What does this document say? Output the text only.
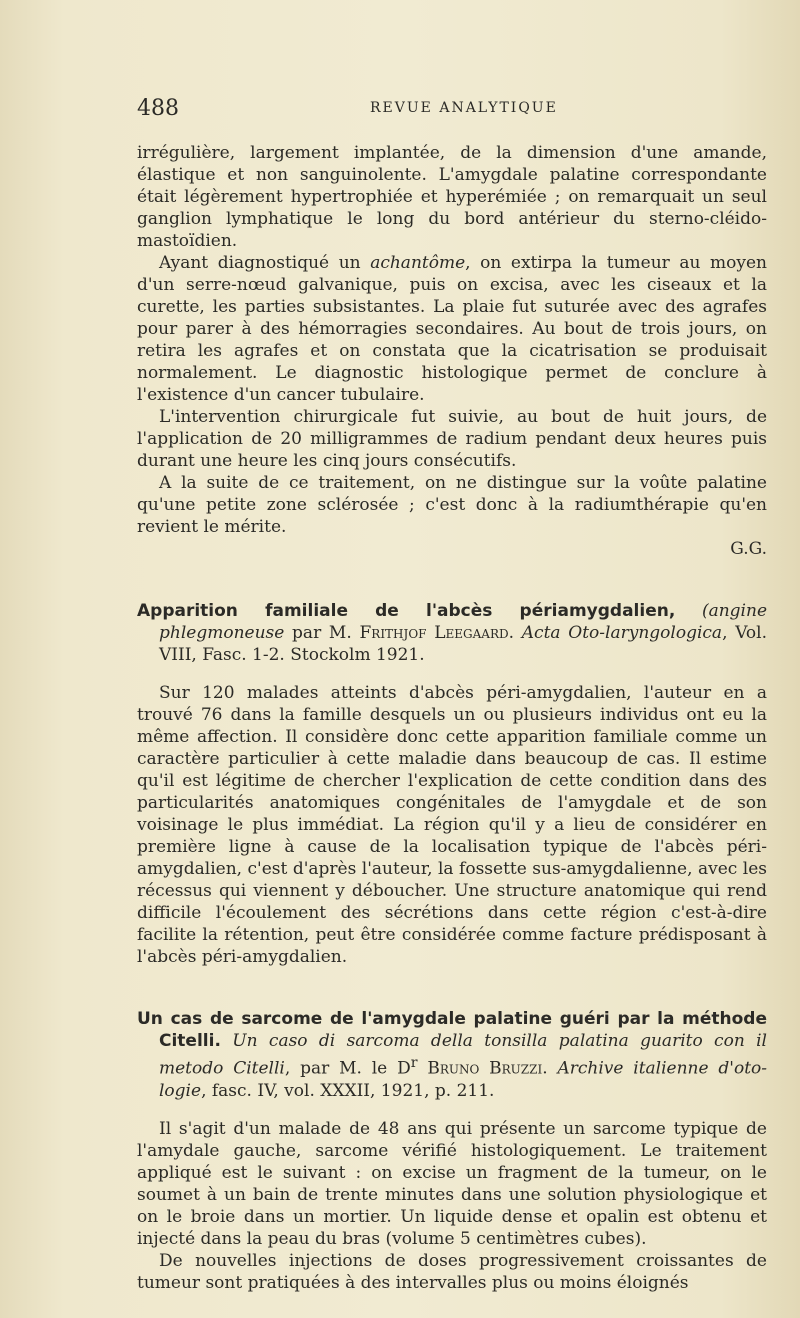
488	REVUE ANALYTIQUE

irrégulière, largement implantée, de la dimension d'une amande, élastique et non sanguinolente. L'amygdale palatine correspondante était légèrement hypertrophiée et hyperémiée ; on remarquait un seul ganglion lymphatique le long du bord antérieur du sterno-cléido-mastoïdien.

Ayant diagnostiqué un achantôme, on extirpa la tumeur au moyen d'un serre-nœud galvanique, puis on excisa, avec les ciseaux et la curette, les parties subsistantes. La plaie fut suturée avec des agrafes pour parer à des hémorragies secondaires. Au bout de trois jours, on retira les agrafes et on constata que la cicatrisation se produisait normalement. Le diagnostic histologique permet de conclure à l'existence d'un cancer tubulaire.

L'intervention chirurgicale fut suivie, au bout de huit jours, de l'application de 20 milligrammes de radium pendant deux heures puis durant une heure les cinq jours consécutifs.

A la suite de ce traitement, on ne distingue sur la voûte palatine qu'une petite zone sclérosée ; c'est donc à la radiumthérapie qu'en revient le mérite.

G.G.

Apparition familiale de l'abcès périamygdalien, (angine phlegmoneuse par M. Frithjof Leegaard. Acta Oto-laryngologica, Vol. VIII, Fasc. 1-2. Stockolm 1921.

Sur 120 malades atteints d'abcès péri-amygdalien, l'auteur en a trouvé 76 dans la famille desquels un ou plusieurs individus ont eu la même affection. Il considère donc cette apparition familiale comme un caractère particulier à cette maladie dans beaucoup de cas. Il estime qu'il est légitime de chercher l'explication de cette condition dans des particularités anatomiques congénitales de l'amygdale et de son voisinage le plus immédiat. La région qu'il y a lieu de considérer en première ligne à cause de la localisation typique de l'abcès péri-amygdalien, c'est d'après l'auteur, la fossette sus-amygdalienne, avec les récessus qui viennent y déboucher. Une structure anatomique qui rend difficile l'écoulement des sécrétions dans cette région c'est-à-dire facilite la rétention, peut être considérée comme facture prédisposant à l'abcès péri-amygdalien.

Un cas de sarcome de l'amygdale palatine guéri par la méthode Citelli. Un caso di sarcoma della tonsilla palatina guarito con il metodo Citelli, par M. le $D^r$ Bruno Bruzzi. Archive italienne d'oto-logie, fasc. IV, vol. XXXII, 1921, p. 211.

Il s'agit d'un malade de 48 ans qui présente un sarcome typique de l'amydale gauche, sarcome vérifié histologiquement. Le traitement appliqué est le suivant : on excise un fragment de la tumeur, on le soumet à un bain de trente minutes dans une solution physiologique et on le broie dans un mortier. Un liquide dense et opalin est obtenu et injecté dans la peau du bras (volume 5 centimètres cubes).

De nouvelles injections de doses progressivement croissantes de tumeur sont pratiquées à des intervalles plus ou moins éloignés
